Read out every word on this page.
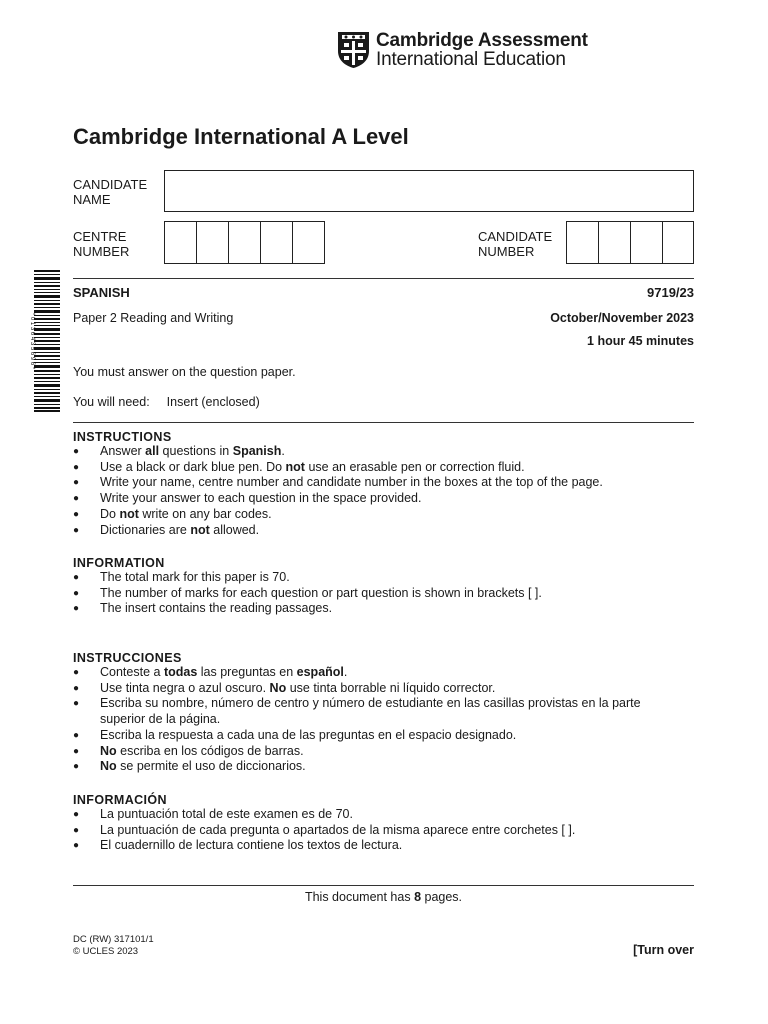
Cambridge Assessment
International Education
Cambridge International A Level
CANDIDATE
NAME
CENTRE
NUMBER
CANDIDATE
NUMBER
* 0 1 3 6 4 3 5 6 9 6 *
SPANISH	9719/23
Paper 2 Reading and Writing	October/November 2023
1 hour 45 minutes
You must answer on the question paper.
You will need: Insert (enclosed)
INSTRUCTIONS
● Answer all questions in Spanish.
● Use a black or dark blue pen. Do not use an erasable pen or correction fluid.
● Write your name, centre number and candidate number in the boxes at the top of the page.
● Write your answer to each question in the space provided.
● Do not write on any bar codes.
● Dictionaries are not allowed.
INFORMATION
● The total mark for this paper is 70.
● The number of marks for each question or part question is shown in brackets [ ].
● The insert contains the reading passages.
INSTRUCCIONES
● Conteste a todas las preguntas en español.
● Use tinta negra o azul oscuro. No use tinta borrable ni líquido corrector.
● Escriba su nombre, número de centro y número de estudiante en las casillas provistas en la parte superior de la página.
● Escriba la respuesta a cada una de las preguntas en el espacio designado.
● No escriba en los códigos de barras.
● No se permite el uso de diccionarios.
INFORMACIÓN
● La puntuación total de este examen es de 70.
● La puntuación de cada pregunta o apartados de la misma aparece entre corchetes [ ].
● El cuadernillo de lectura contiene los textos de lectura.
This document has 8 pages.
DC (RW) 317101/1
© UCLES 2023	[Turn over
